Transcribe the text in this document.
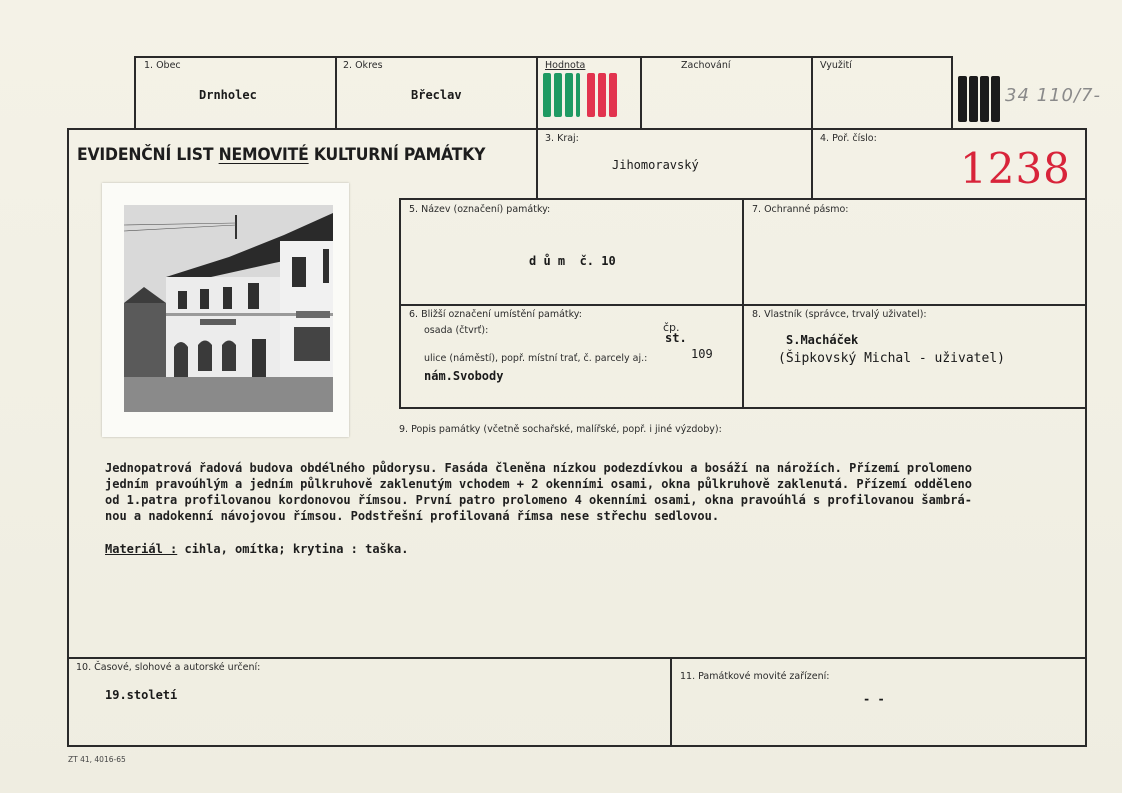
1. Obec
Drnholec
2. Okres
Břeclav
Hodnota	Zachování	Využití
34 110/7-
EVIDENČNÍ LIST NEMOVITÉ KULTURNÍ PAMÁTKY
3. Kraj:
Jihomoravský
4. Poř. číslo:
1238
5. Název (označení) památky:
d ů m  č. 10
7. Ochranné pásmo:
6. Bližší označení umístění památky:
osada (čtvrť):	čp.
st.
ulice (náměstí), popř. místní trať, č. parcely aj.:	109
nám.Svobody
8. Vlastník (správce, trvalý uživatel):
S.Macháček
(Šipkovský Michal - uživatel)
9. Popis památky (včetně sochařské, malířské, popř. i jiné výzdoby):

Jednopatrová řadová budova obdélného půdorysu. Fasáda členěna nízkou podezdívkou a bosáží na nárožích. Přízemí prolomeno

jedním pravoúhlým a jedním půlkruhově zaklenutým vchodem + 2 okenními osami, okna půlkruhově zaklenutá. Přízemí odděleno

od 1.patra profilovanou kordonovou římsou. První patro prolomeno 4 okenními osami, okna pravoúhlá s profilovanou šambrá-

nou a nadokenní návojovou římsou. Podstřešní profilovaná římsa nese střechu sedlovou.

Materiál : cihla, omítka; krytina : taška.
10. Časové, slohové a autorské určení:
19.století
11. Památkové movité zařízení:
- -
ZT 41, 4016-65
